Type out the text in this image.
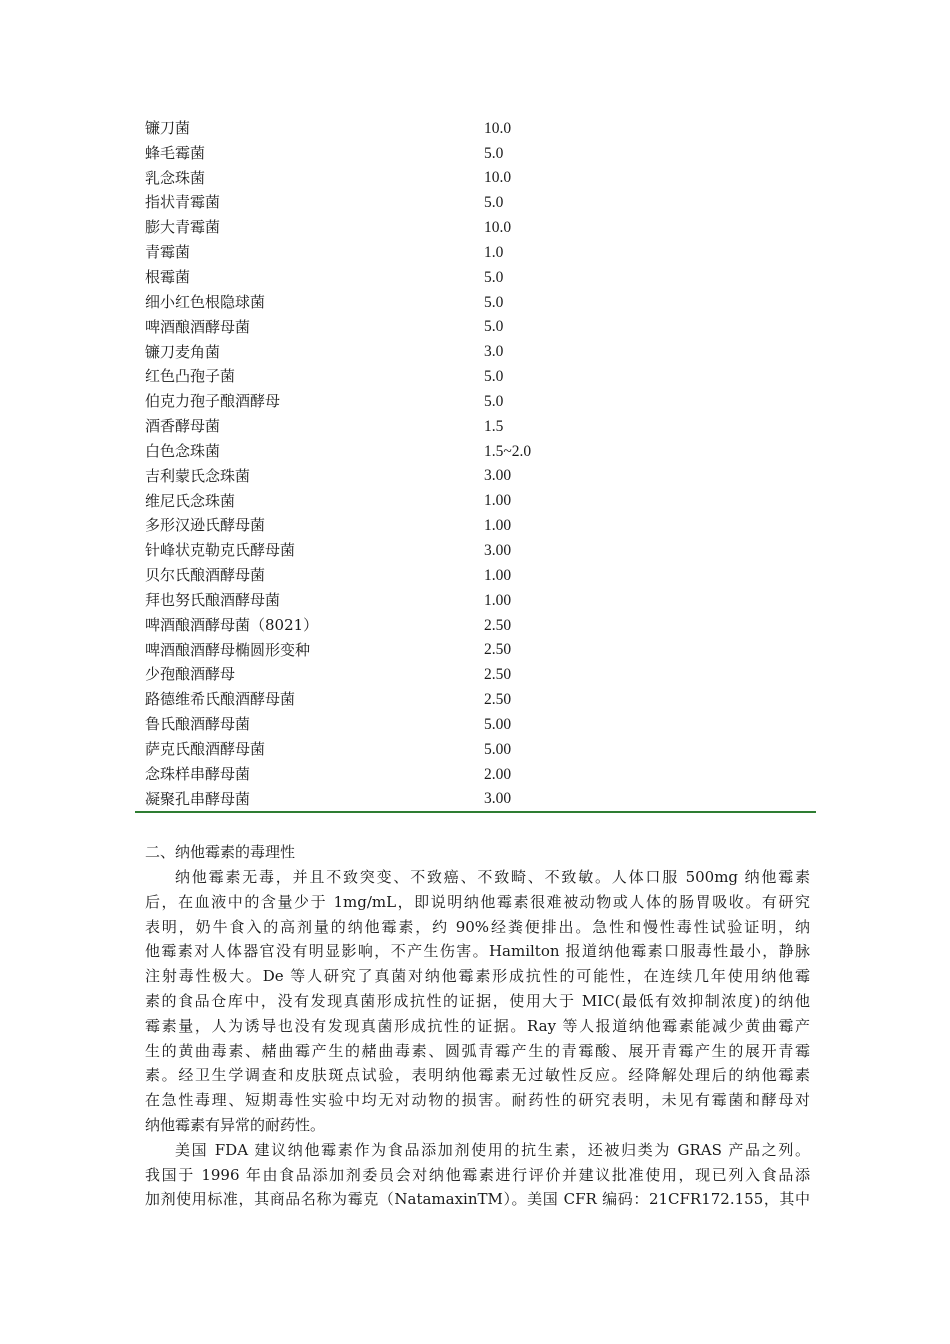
镰刀菌	10.0
蜂毛霉菌	5.0
乳念珠菌	10.0
指状青霉菌	5.0
膨大青霉菌	10.0
青霉菌	1.0
根霉菌	5.0
细小红色根隐球菌	5.0
啤酒酿酒酵母菌	5.0
镰刀麦角菌	3.0
红色凸孢子菌	5.0
伯克力孢子酿酒酵母	5.0
酒香酵母菌	1.5
白色念珠菌	1.5~2.0
吉利蒙氏念珠菌	3.00
维尼氏念珠菌	1.00
多形汉逊氏酵母菌	1.00
针峰状克勒克氏酵母菌	3.00
贝尔氏酿酒酵母菌	1.00
拜也努氏酿酒酵母菌	1.00
啤酒酿酒酵母菌（8021）	2.50
啤酒酿酒酵母椭圆形变种	2.50
少孢酿酒酵母	2.50
路德维希氏酿酒酵母菌	2.50
鲁氏酿酒酵母菌	5.00
萨克氏酿酒酵母菌	5.00
念珠样串酵母菌	2.00
凝聚孔串酵母菌	3.00
二、纳他霉素的毒理性
纳他霉素无毒，并且不致突变、不致癌、不致畸、不致敏。人体口服 500mg 纳他霉素
后，在血液中的含量少于 1mg/mL，即说明纳他霉素很难被动物或人体的肠胃吸收。有研究
表明，奶牛食入的高剂量的纳他霉素，约 90%经粪便排出。急性和慢性毒性试验证明，纳
他霉素对人体器官没有明显影响，不产生伤害。Hamilton 报道纳他霉素口服毒性最小，静脉
注射毒性极大。De 等人研究了真菌对纳他霉素形成抗性的可能性，在连续几年使用纳他霉
素的食品仓库中，没有发现真菌形成抗性的证据，使用大于 MIC(最低有效抑制浓度)的纳他
霉素量，人为诱导也没有发现真菌形成抗性的证据。Ray 等人报道纳他霉素能减少黄曲霉产
生的黄曲毒素、赭曲霉产生的赭曲毒素、圆弧青霉产生的青霉酸、展开青霉产生的展开青霉
素。经卫生学调查和皮肤斑点试验，表明纳他霉素无过敏性反应。经降解处理后的纳他霉素
在急性毒理、短期毒性实验中均无对动物的损害。耐药性的研究表明，未见有霉菌和酵母对
纳他霉素有异常的耐药性。
美国 FDA 建议纳他霉素作为食品添加剂使用的抗生素，还被归类为 GRAS 产品之列。
我国于 1996 年由食品添加剂委员会对纳他霉素进行评价并建议批准使用，现已列入食品添
加剂使用标准，其商品名称为霉克（NatamaxinTM）。美国 CFR 编码：21CFR172.155，其中
